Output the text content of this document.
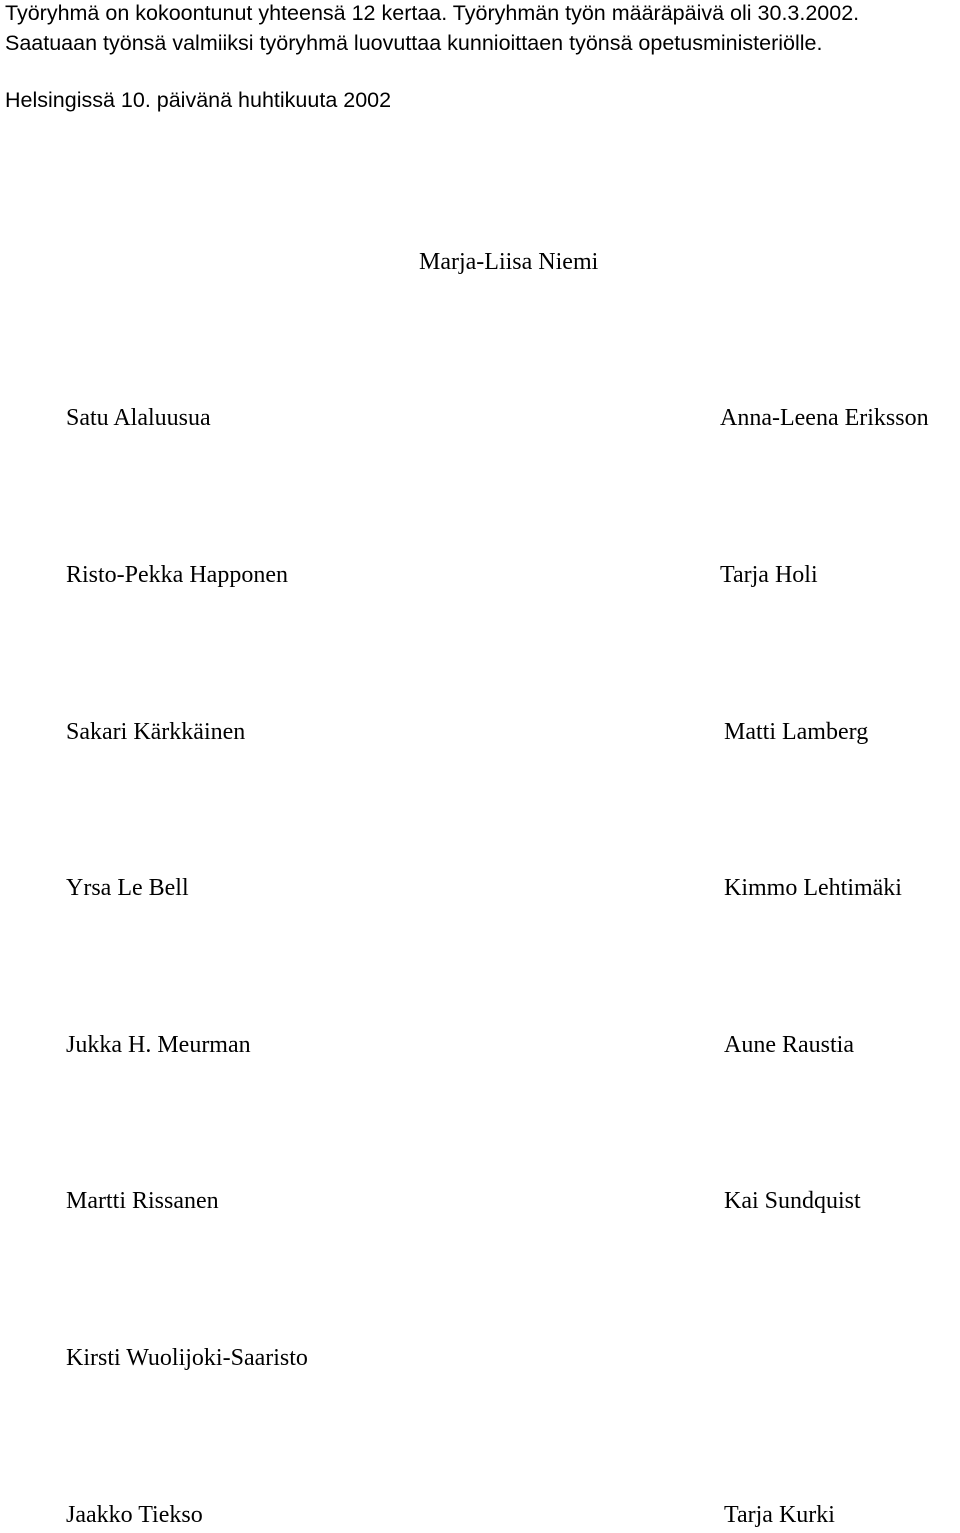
Työryhmä on kokoontunut yhteensä 12 kertaa. Työryhmän työn määräpäivä oli 30.3.2002.
Saatuaan työnsä valmiiksi työryhmä luovuttaa kunnioittaen työnsä opetusministeriölle.
Helsingissä 10. päivänä huhtikuuta 2002
Marja-Liisa Niemi
Satu Alaluusua	Anna-Leena Eriksson
Risto-Pekka Happonen	Tarja Holi
Sakari Kärkkäinen	Matti Lamberg
Yrsa Le Bell	Kimmo Lehtimäki
Jukka H. Meurman	Aune Raustia
Martti Rissanen	Kai Sundquist
Kirsti Wuolijoki-Saaristo
Jaakko Tiekso	Tarja Kurki
